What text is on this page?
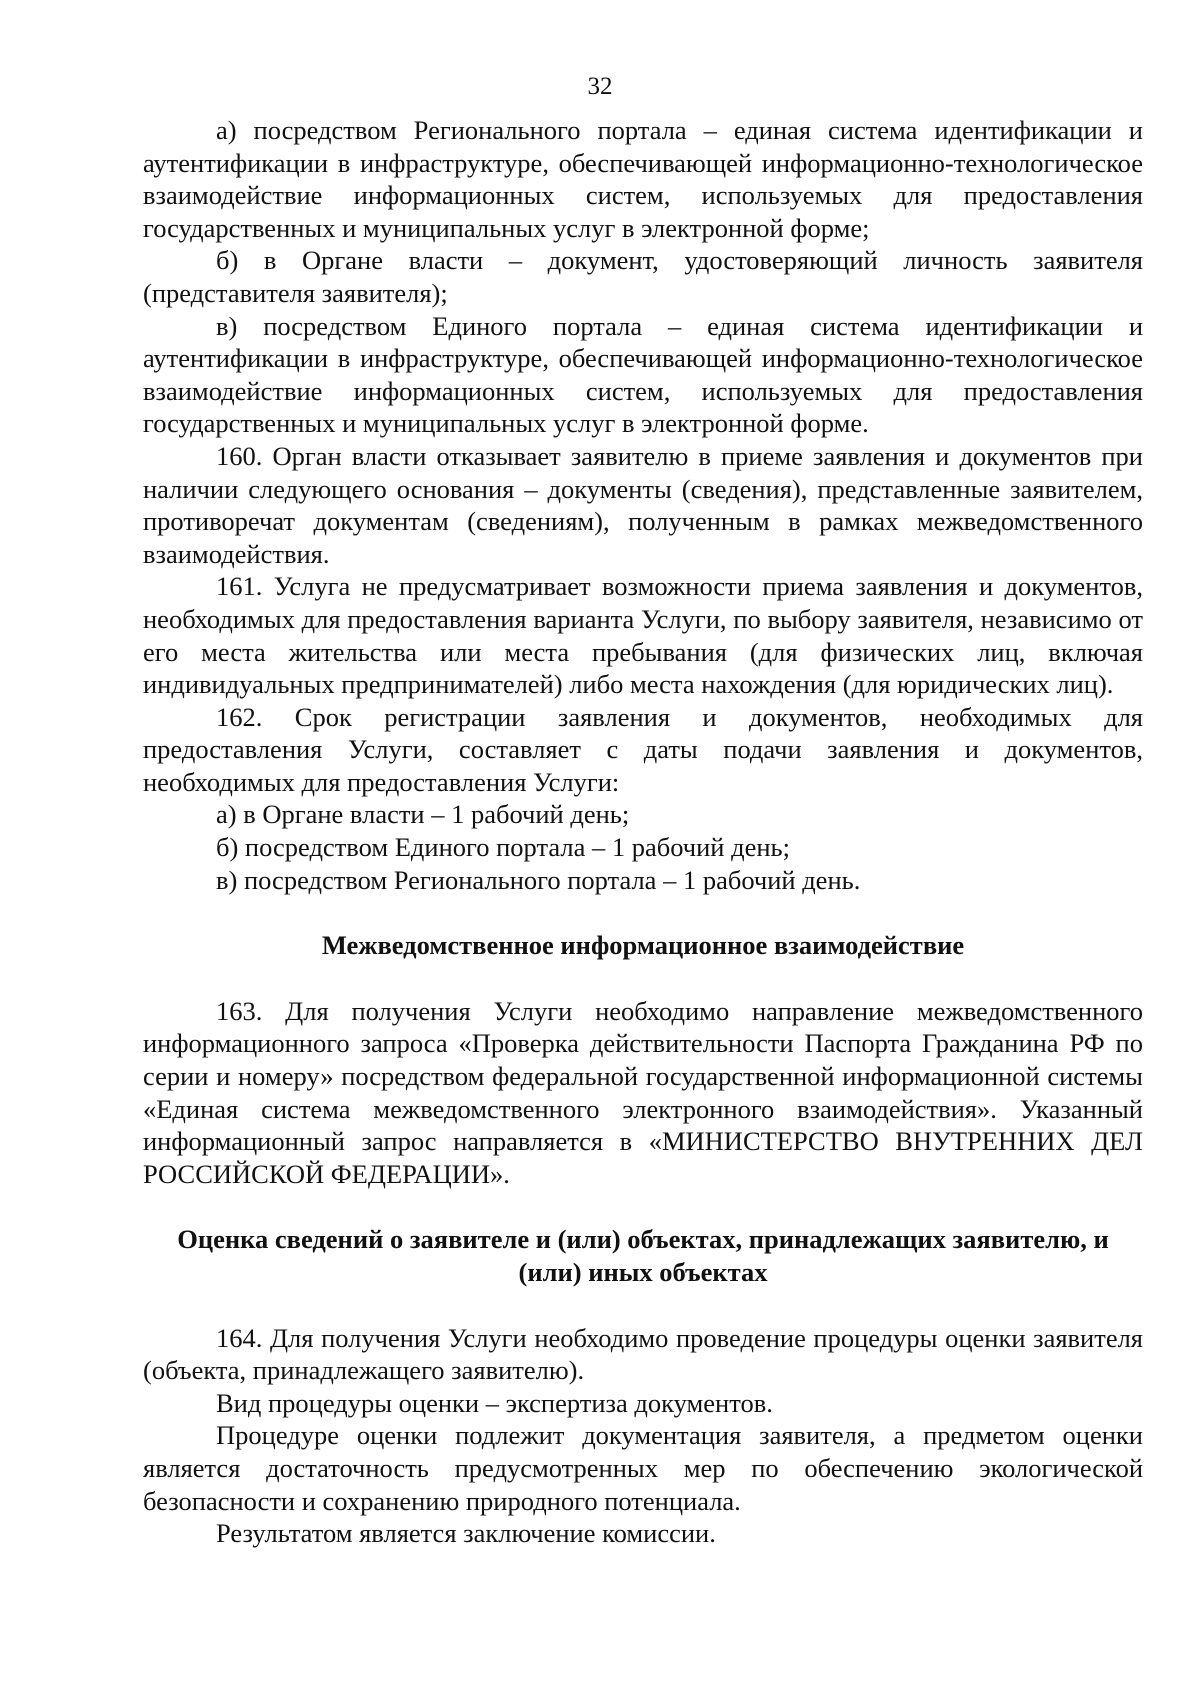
32

а) посредством Регионального портала – единая система идентификации и аутентификации в инфраструктуре, обеспечивающей информационно-технологическое взаимодействие информационных систем, используемых для предоставления государственных и муниципальных услуг в электронной форме;

б) в Органе власти – документ, удостоверяющий личность заявителя (представителя заявителя);

в) посредством Единого портала – единая система идентификации и аутентификации в инфраструктуре, обеспечивающей информационно-технологическое взаимодействие информационных систем, используемых для предоставления государственных и муниципальных услуг в электронной форме.

160. Орган власти отказывает заявителю в приеме заявления и документов при наличии следующего основания – документы (сведения), представленные заявителем, противоречат документам (сведениям), полученным в рамках межведомственного взаимодействия.

161. Услуга не предусматривает возможности приема заявления и документов, необходимых для предоставления варианта Услуги, по выбору заявителя, независимо от его места жительства или места пребывания (для физических лиц, включая индивидуальных предпринимателей) либо места нахождения (для юридических лиц).

162. Срок регистрации заявления и документов, необходимых для предоставления Услуги, составляет с даты подачи заявления и документов, необходимых для предоставления Услуги:

а) в Органе власти – 1 рабочий день;

б) посредством Единого портала – 1 рабочий день;

в) посредством Регионального портала – 1 рабочий день.

Межведомственное информационное взаимодействие

163. Для получения Услуги необходимо направление межведомственного информационного запроса «Проверка действительности Паспорта Гражданина РФ по серии и номеру» посредством федеральной государственной информационной системы «Единая система межведомственного электронного взаимодействия». Указанный информационный запрос направляется в «МИНИСТЕРСТВО ВНУТРЕННИХ ДЕЛ РОССИЙСКОЙ ФЕДЕРАЦИИ».

Оценка сведений о заявителе и (или) объектах, принадлежащих заявителю, и (или) иных объектах

164. Для получения Услуги необходимо проведение процедуры оценки заявителя (объекта, принадлежащего заявителю).

Вид процедуры оценки – экспертиза документов.

Процедуре оценки подлежит документация заявителя, а предметом оценки является достаточность предусмотренных мер по обеспечению экологической безопасности и сохранению природного потенциала.

Результатом является заключение комиссии.
